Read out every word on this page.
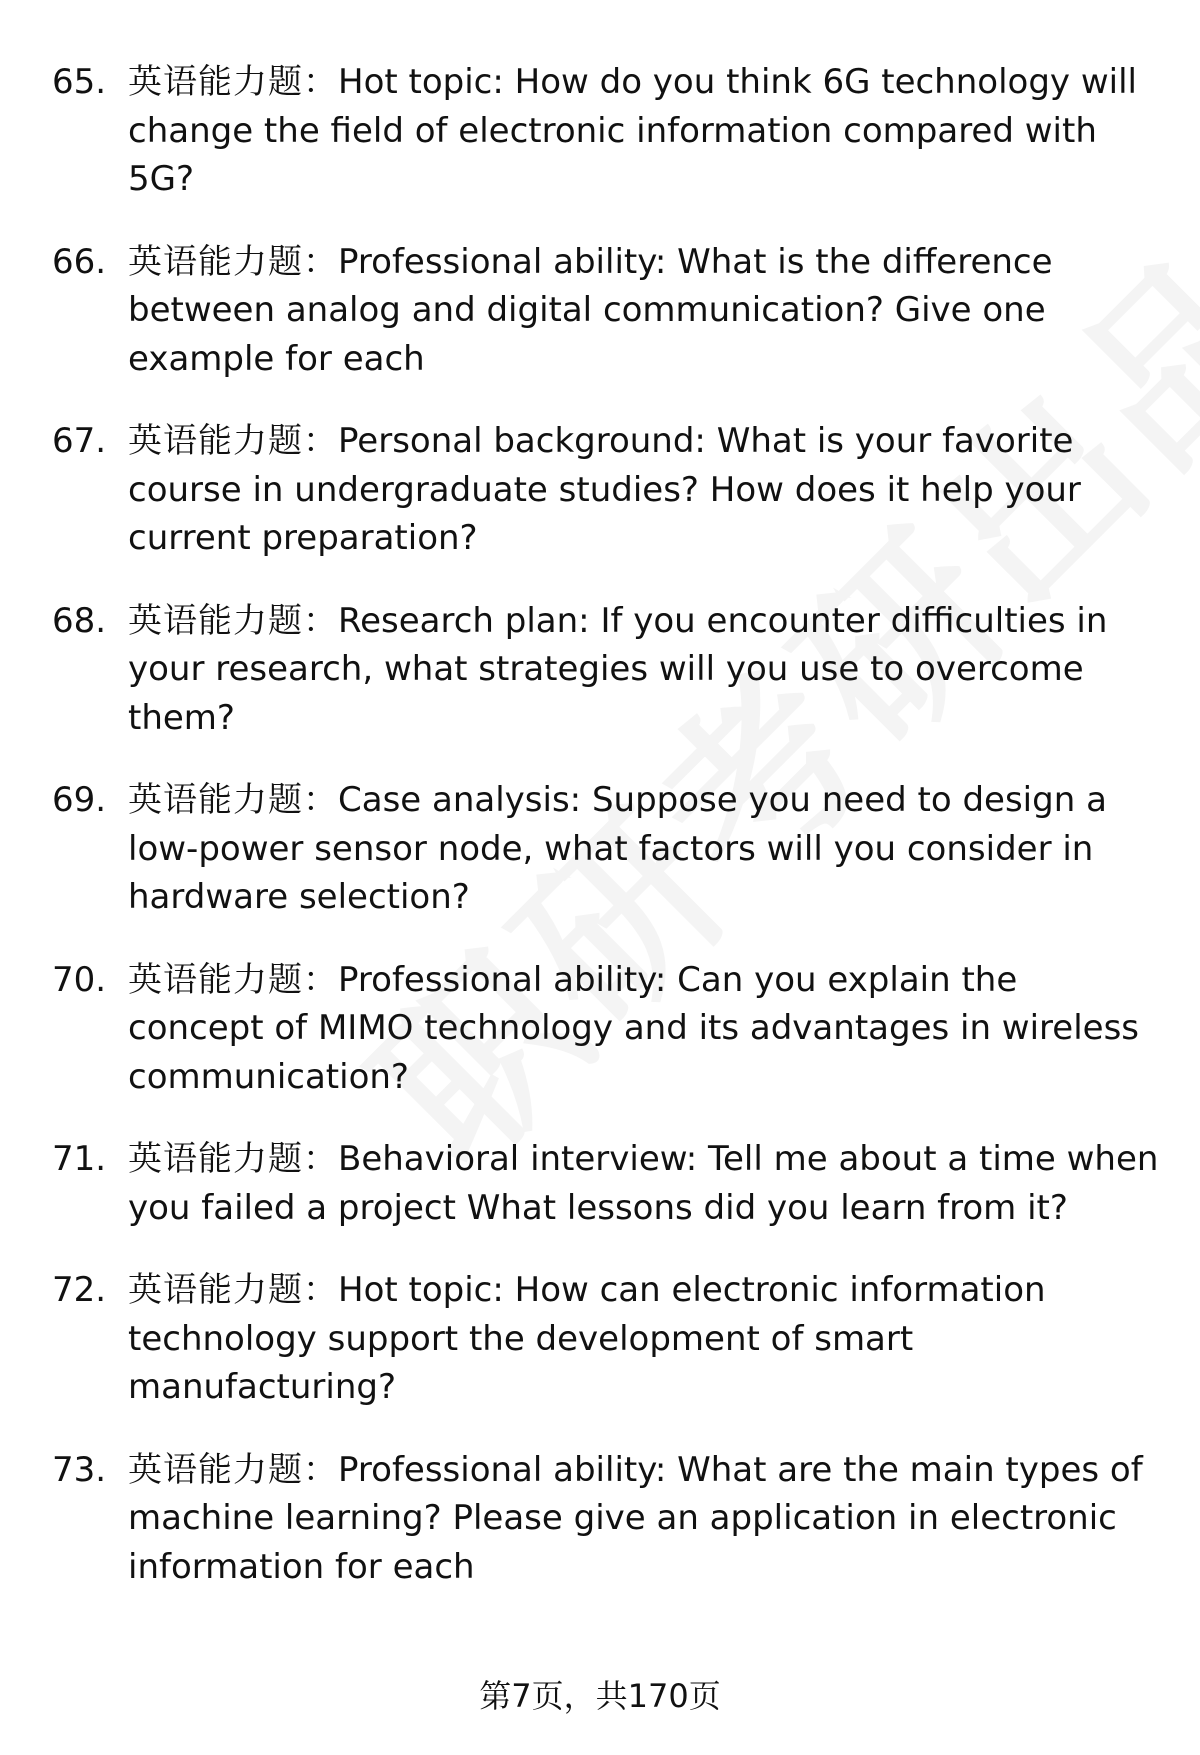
65. 英语能力题：Hot topic: How do you think 6G technology will change the field of electronic information compared with 5G?
66. 英语能力题：Professional ability: What is the difference between analog and digital communication? Give one example for each
67. 英语能力题：Personal background: What is your favorite course in undergraduate studies? How does it help your current preparation?
68. 英语能力题：Research plan: If you encounter difficulties in your research, what strategies will you use to overcome them?
69. 英语能力题：Case analysis: Suppose you need to design a low-power sensor node, what factors will you consider in hardware selection?
70. 英语能力题：Professional ability: Can you explain the concept of MIMO technology and its advantages in wireless communication?
71. 英语能力题：Behavioral interview: Tell me about a time when you failed a project What lessons did you learn from it?
72. 英语能力题：Hot topic: How can electronic information technology support the development of smart manufacturing?
73. 英语能力题：Professional ability: What are the main types of machine learning? Please give an application in electronic information for each
第7页，共170页
